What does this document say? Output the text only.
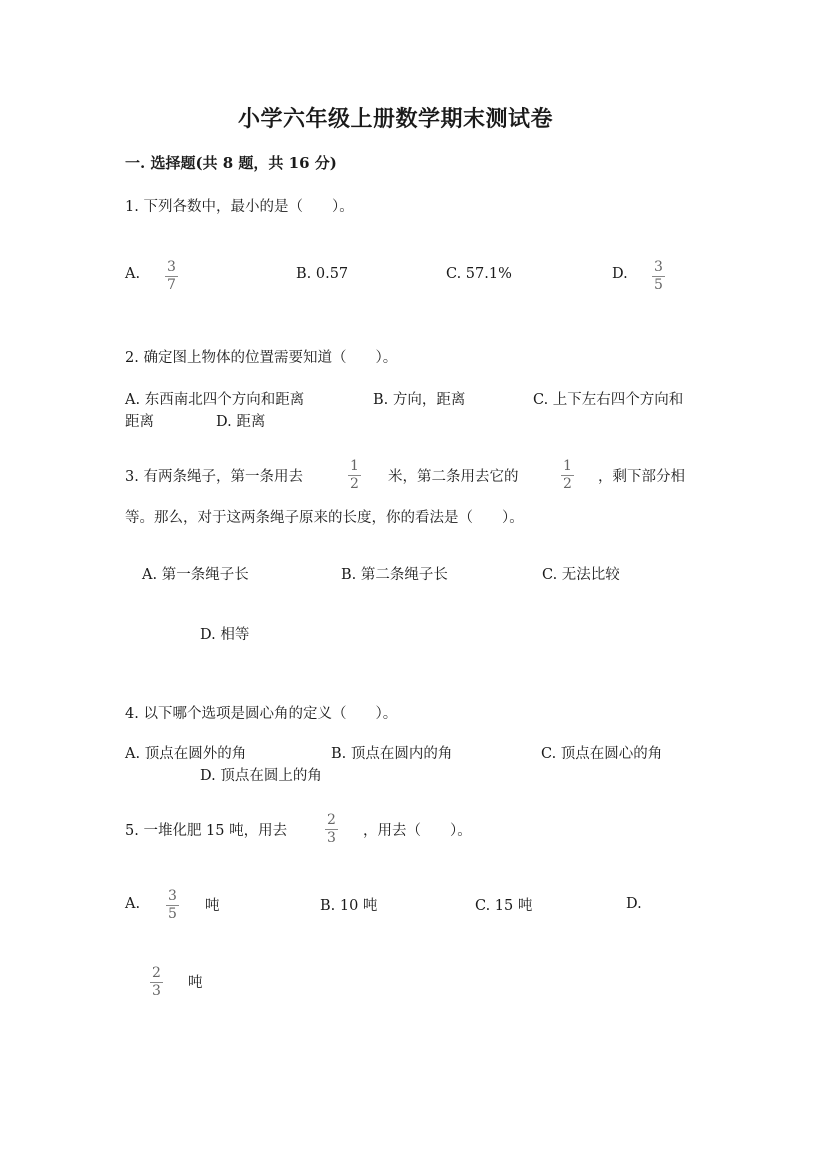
小学六年级上册数学期末测试卷
一. 选择题(共 8 题，共 16 分)
1. 下列各数中，最小的是（　　）。
A. 3
7
B. 0.57	C. 57.1%	D. 3
5
2. 确定图上物体的位置需要知道（　　）。
A. 东西南北四个方向和距离	B. 方向，距离	C. 上下左右四个方向和
距离	D. 距离
3. 有两条绳子，第一条用去
1
2 米，第二条用去它的
1
2 ，剩下部分相
等。那么，对于这两条绳子原来的长度，你的看法是（　　）。
A. 第一条绳子长	B. 第二条绳子长	C. 无法比较
D. 相等
4. 以下哪个选项是圆心角的定义（　　）。
A. 顶点在圆外的角	B. 顶点在圆内的角	C. 顶点在圆心的角
D. 顶点在圆上的角
5. 一堆化肥 15 吨，用去
2
3 ，用去（　　）。
A. 3
5 吨	B. 10 吨	C. 15 吨	D.
2
3 吨
